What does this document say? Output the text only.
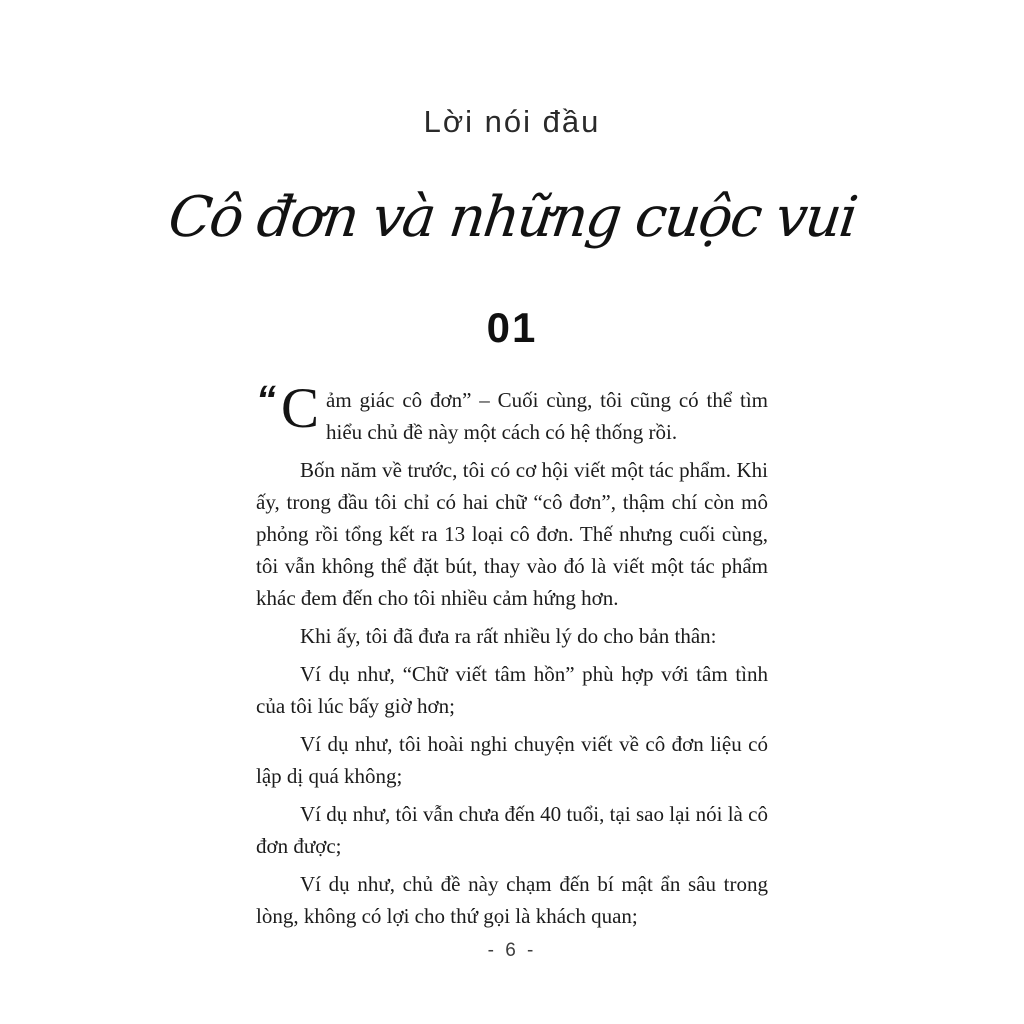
Lời nói đầu
Cô đơn và những cuộc vui
01

“ C ảm giác cô đơn” – Cuối cùng, tôi cũng có thể tìm hiểu chủ đề này một cách có hệ thống rồi.

Bốn năm về trước, tôi có cơ hội viết một tác phẩm. Khi ấy, trong đầu tôi chỉ có hai chữ “cô đơn”, thậm chí còn mô phỏng rồi tổng kết ra 13 loại cô đơn. Thế nhưng cuối cùng, tôi vẫn không thể đặt bút, thay vào đó là viết một tác phẩm khác đem đến cho tôi nhiều cảm hứng hơn.

Khi ấy, tôi đã đưa ra rất nhiều lý do cho bản thân:

Ví dụ như, “Chữ viết tâm hồn” phù hợp với tâm tình của tôi lúc bấy giờ hơn;

Ví dụ như, tôi hoài nghi chuyện viết về cô đơn liệu có lập dị quá không;

Ví dụ như, tôi vẫn chưa đến 40 tuổi, tại sao lại nói là cô đơn được;

Ví dụ như, chủ đề này chạm đến bí mật ẩn sâu trong lòng, không có lợi cho thứ gọi là khách quan;

- 6 -
